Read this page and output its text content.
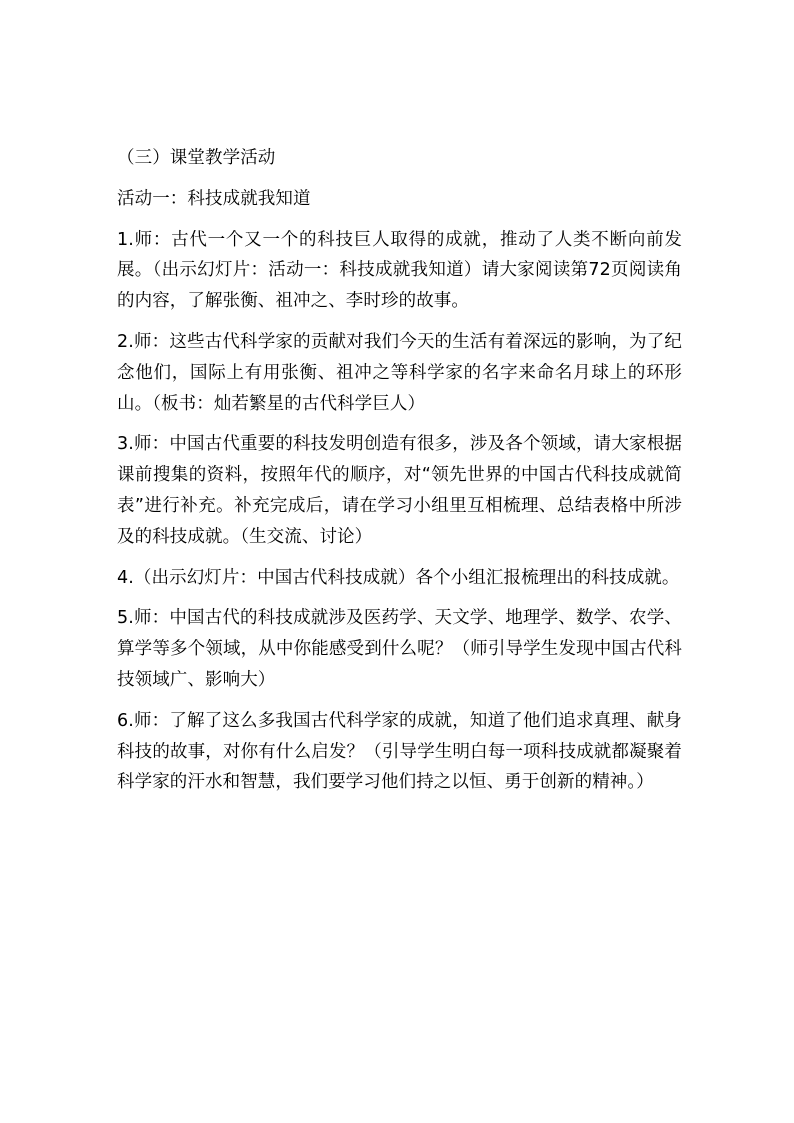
（三）课堂教学活动
活动一：科技成就我知道
1.师：古代一个又一个的科技巨人取得的成就，推动了人类不断向前发展。（出示幻灯片：活动一：科技成就我知道）请大家阅读第72页阅读角的内容，了解张衡、祖冲之、李时珍的故事。
2.师：这些古代科学家的贡献对我们今天的生活有着深远的影响，为了纪念他们，国际上有用张衡、祖冲之等科学家的名字来命名月球上的环形山。（板书：灿若繁星的古代科学巨人）
3.师：中国古代重要的科技发明创造有很多，涉及各个领域，请大家根据课前搜集的资料，按照年代的顺序，对“领先世界的中国古代科技成就简表”进行补充。补充完成后，请在学习小组里互相梳理、总结表格中所涉及的科技成就。（生交流、讨论）
4.（出示幻灯片：中国古代科技成就）各个小组汇报梳理出的科技成就。
5.师：中国古代的科技成就涉及医药学、天文学、地理学、数学、农学、算学等多个领域，从中你能感受到什么呢？（师引导学生发现中国古代科技领域广、影响大）
6.师：了解了这么多我国古代科学家的成就，知道了他们追求真理、献身科技的故事，对你有什么启发？（引导学生明白每一项科技成就都凝聚着科学家的汗水和智慧，我们要学习他们持之以恒、勇于创新的精神。）
